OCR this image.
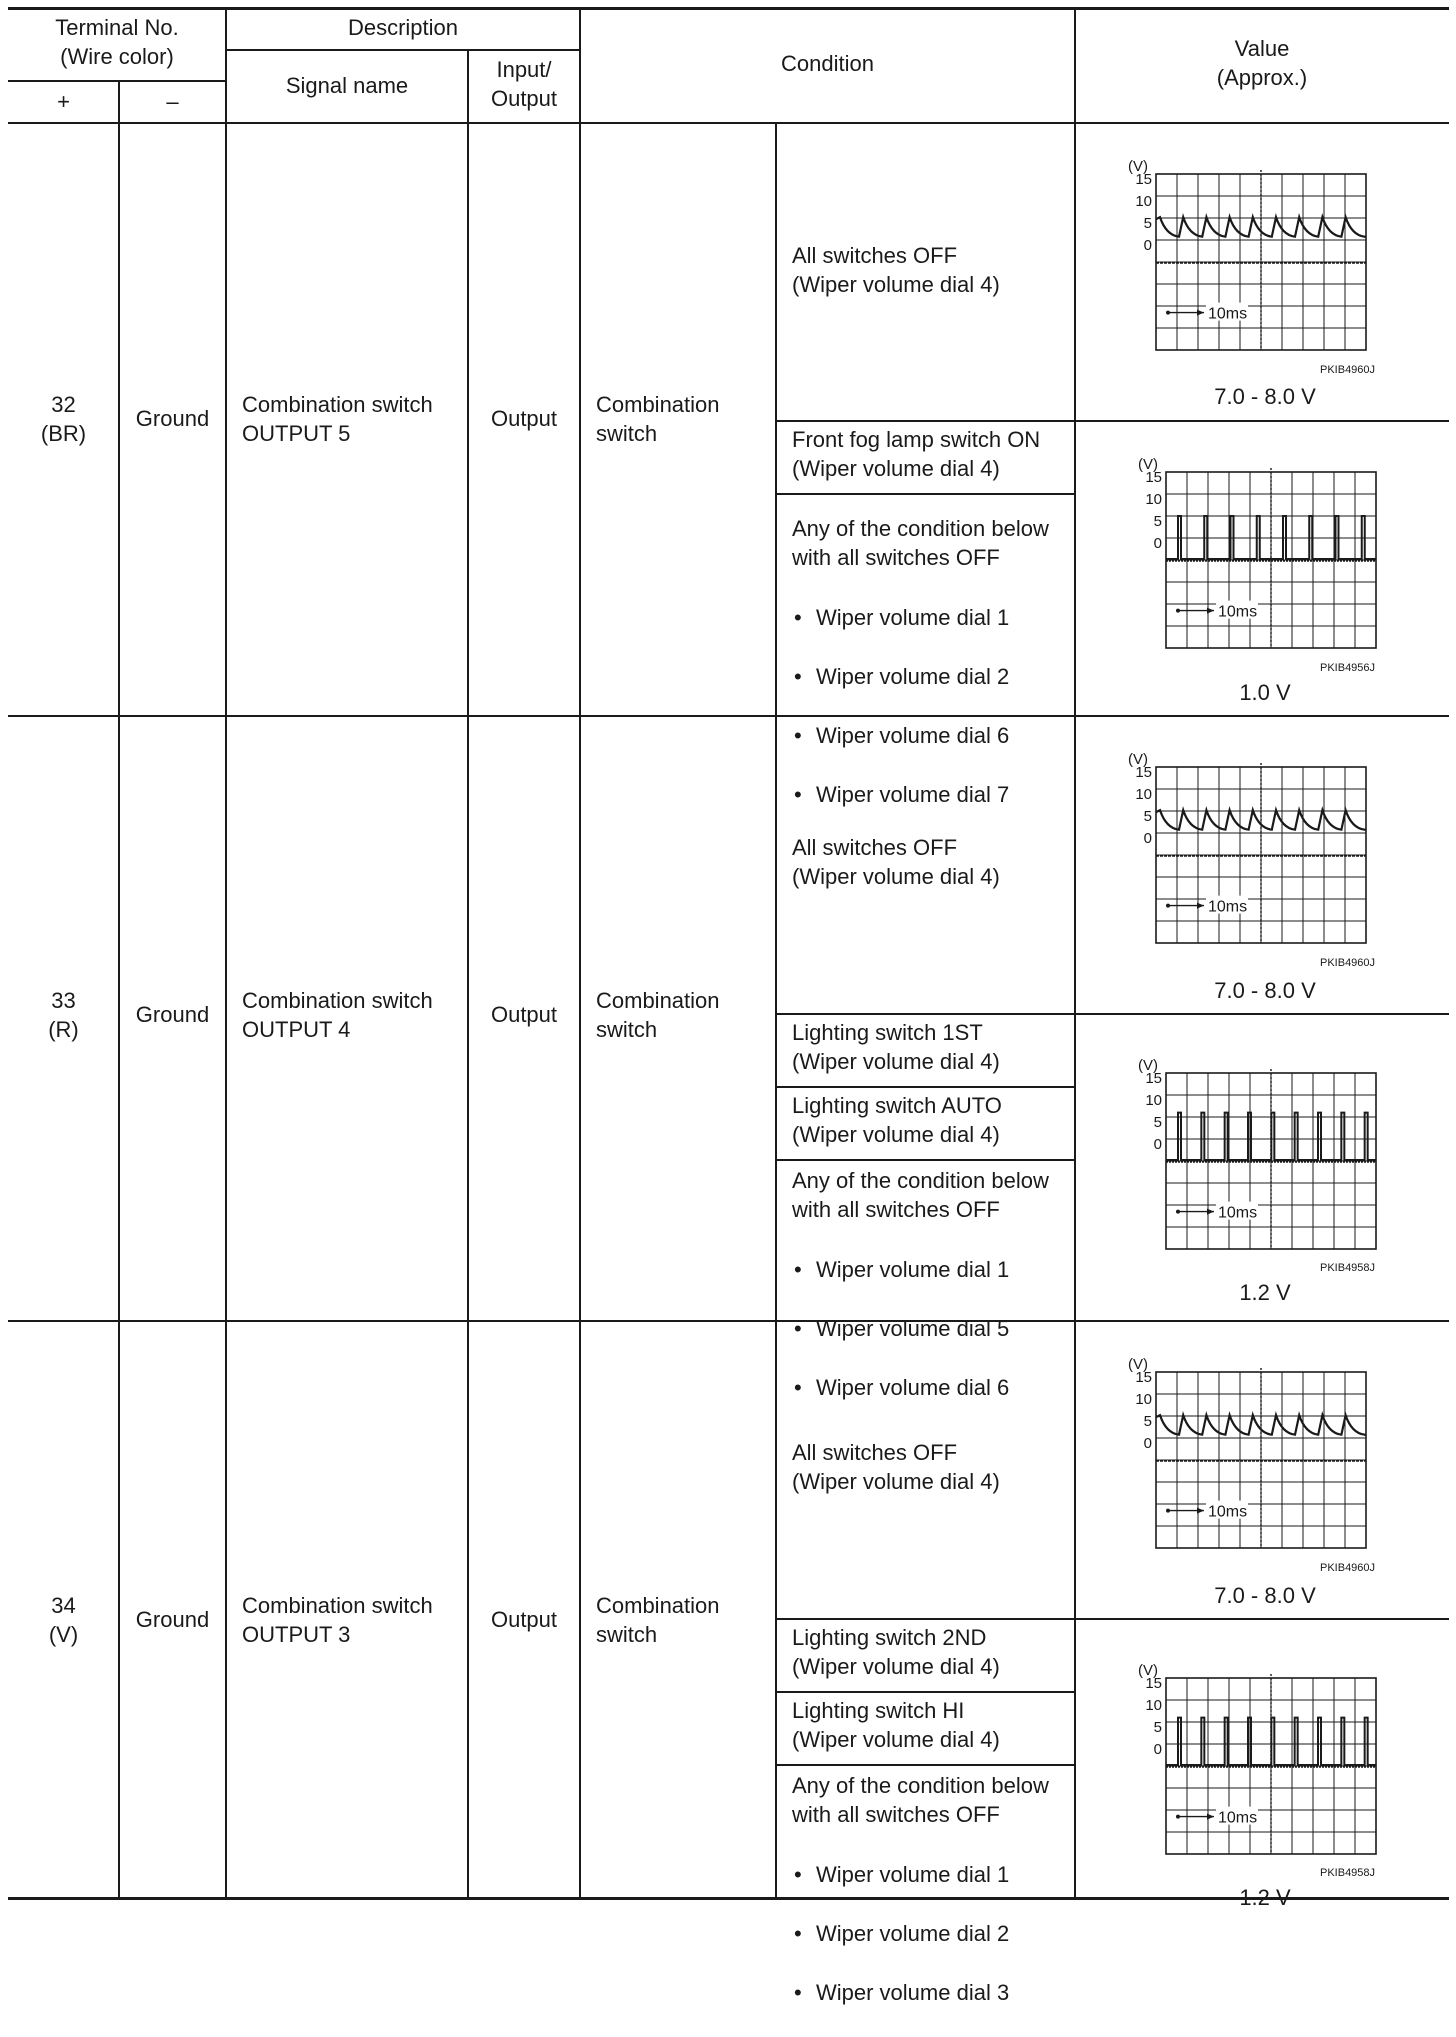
Terminal No.
(Wire color)
+	–
Description
Signal name
Input/
Output
Condition
Value
(Approx.)
32
(BR)
Ground
Combination switch
OUTPUT 5
Output
Combination
switch
All switches OFF
(Wiper volume dial 4)
Front fog lamp switch ON
(Wiper volume dial 4)
Any of the condition below
with all switches OFF

• Wiper volume dial 1

• Wiper volume dial 2

• Wiper volume dial 6

• Wiper volume dial 7

(V)
15
10
5
0
10ms
PKIB4960J
7.0 - 8.0 V
(V)
15
10
5
0
10ms
PKIB4956J
1.0 V
33
(R)
Ground
Combination switch
OUTPUT 4
Output
Combination
switch
All switches OFF
(Wiper volume dial 4)
Lighting switch 1ST
(Wiper volume dial 4)
Lighting switch AUTO
(Wiper volume dial 4)
Any of the condition below
with all switches OFF

• Wiper volume dial 1

• Wiper volume dial 5

• Wiper volume dial 6

(V)
15
10
5
0
10ms
PKIB4960J
7.0 - 8.0 V
(V)
15
10
5
0
10ms
PKIB4958J
1.2 V
34
(V)
Ground
Combination switch
OUTPUT 3
Output
Combination
switch
All switches OFF
(Wiper volume dial 4)
Lighting switch 2ND
(Wiper volume dial 4)
Lighting switch HI
(Wiper volume dial 4)
Any of the condition below
with all switches OFF

• Wiper volume dial 1

• Wiper volume dial 2

• Wiper volume dial 3

(V)
15
10
5
0
10ms
PKIB4960J
7.0 - 8.0 V
(V)
15
10
5
0
10ms
PKIB4958J
1.2 V
